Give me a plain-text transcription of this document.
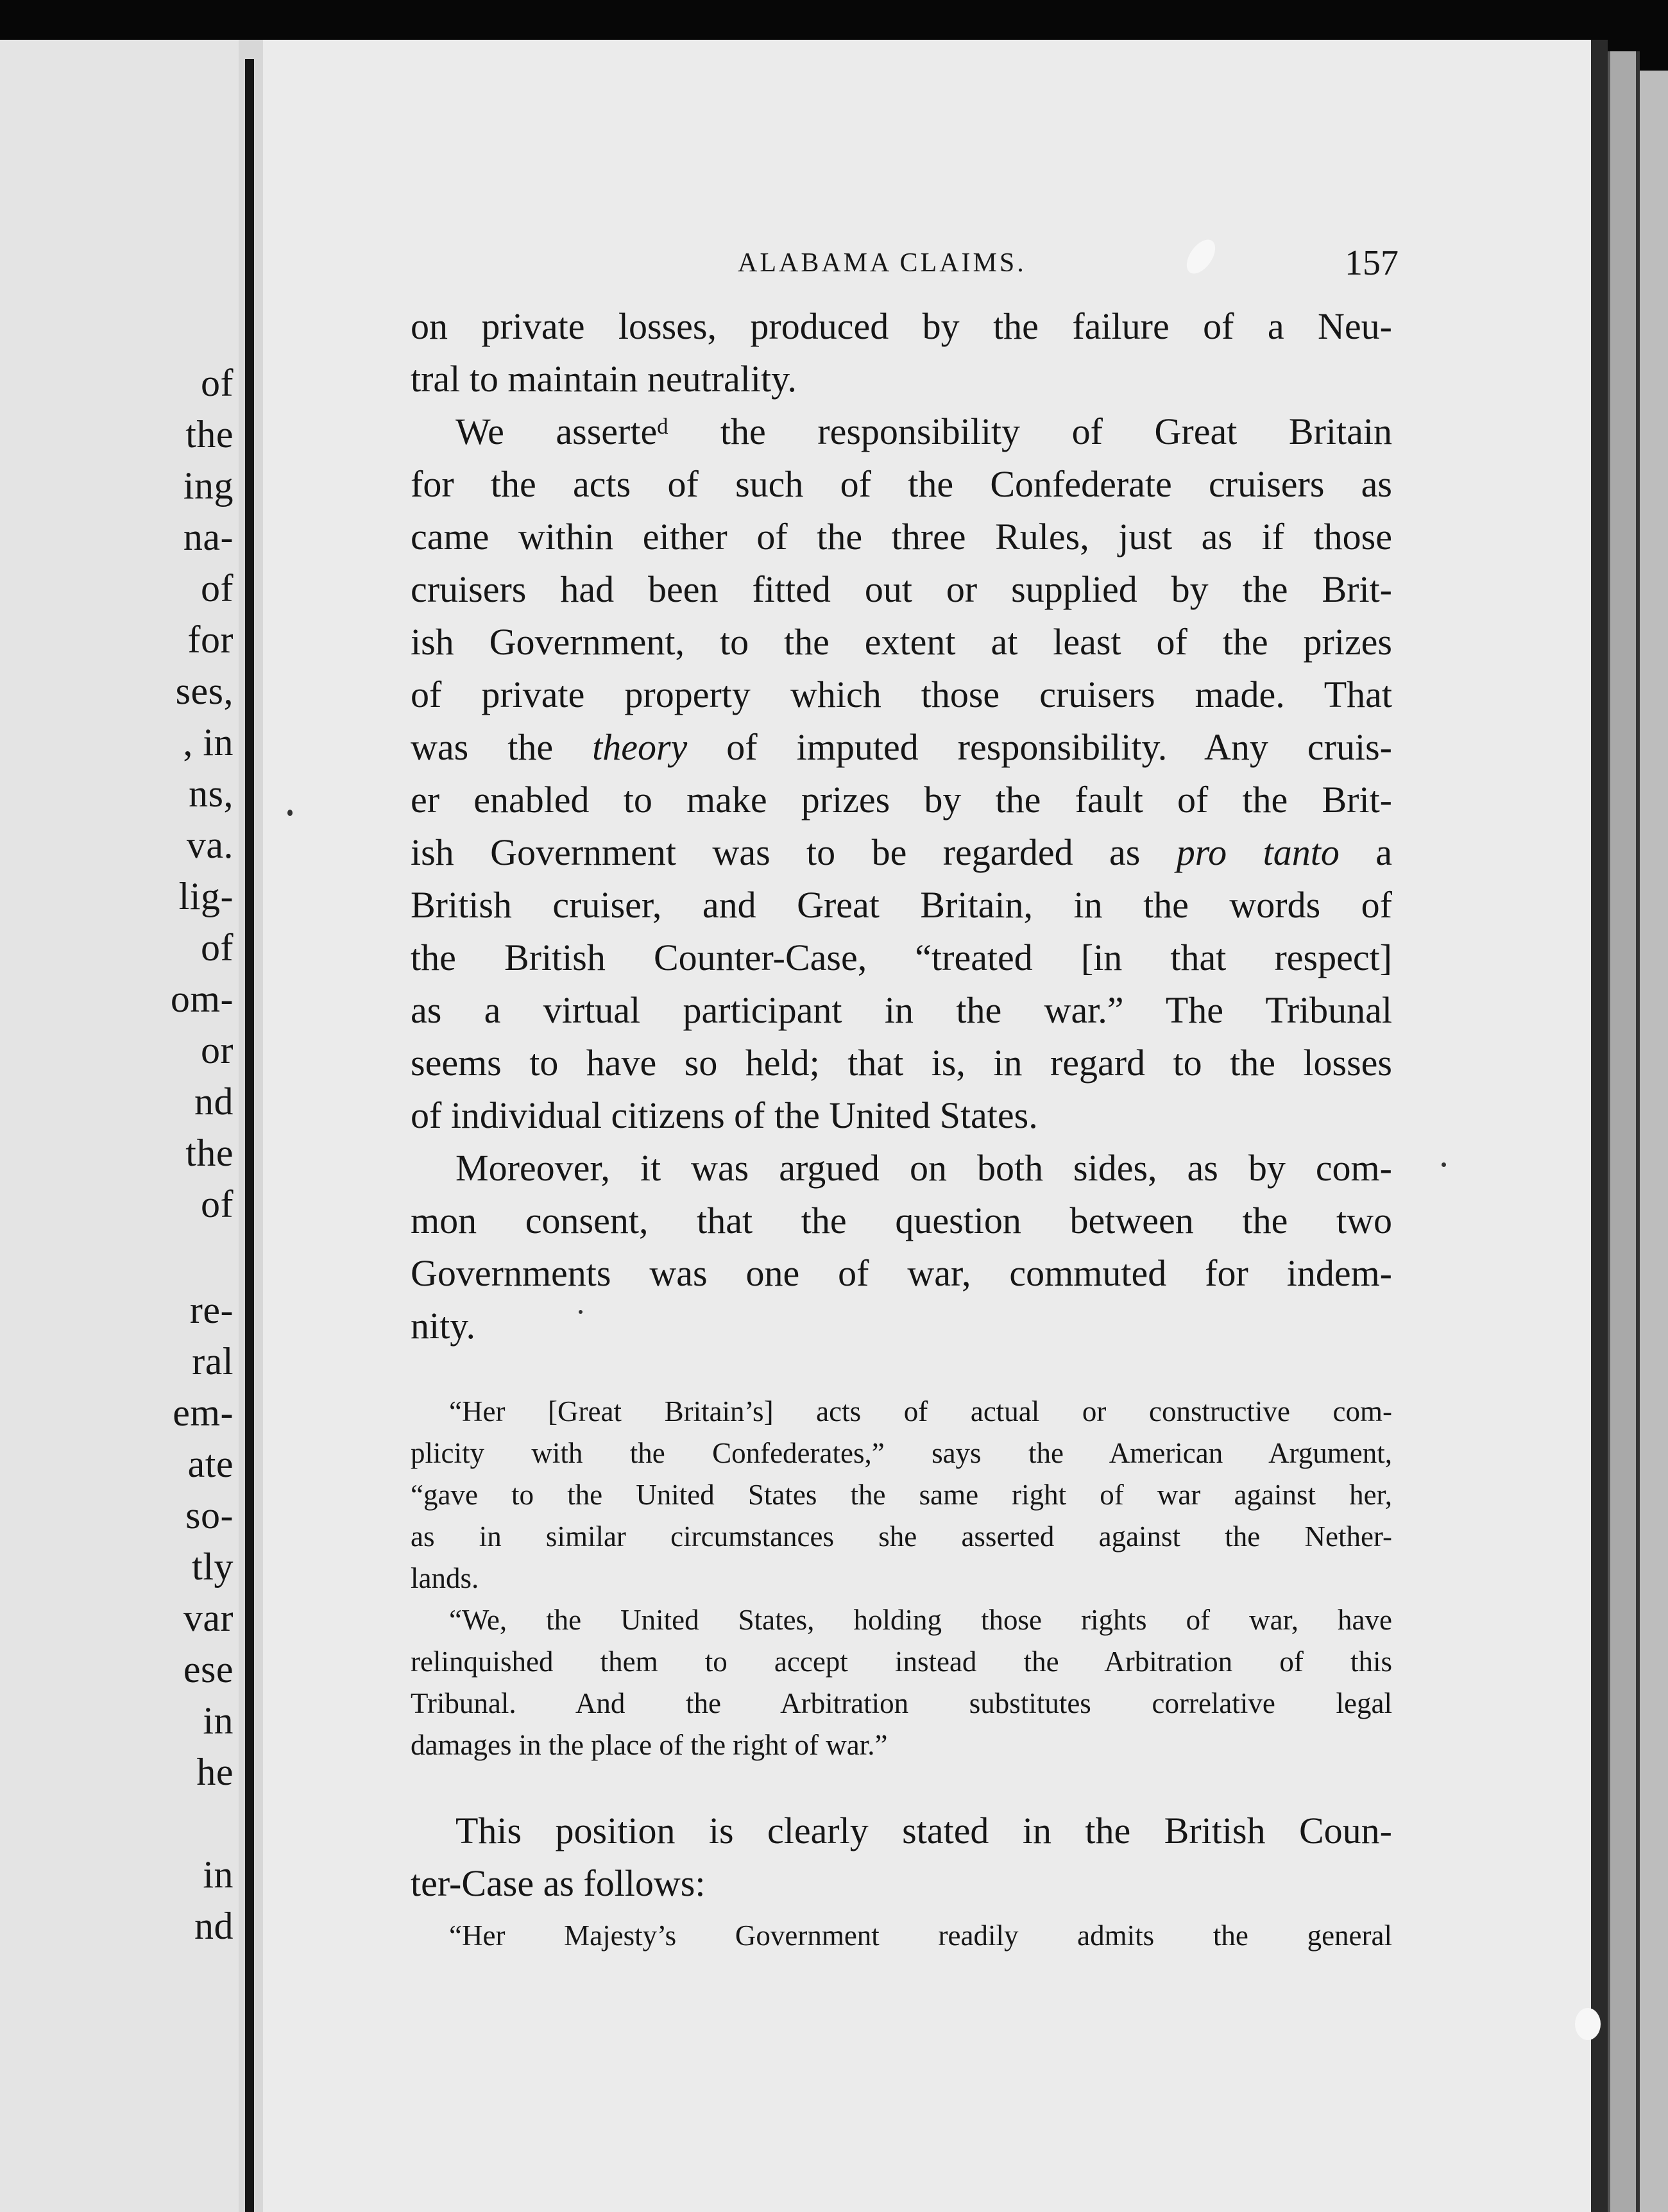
of
the
ing
na-
of
for
ses,
, in
ns,
va.
lig-
of
om-
or
nd
the
of
re-
ral
em-
ate
so-
tly
var
ese
in
he
in
nd
ALABAMA CLAIMS.	157
on private losses, produced by the failure of a Neu-
tral to maintain neutrality.
We asserteᵈ the responsibility of Great Britain
for the acts of such of the Confederate cruisers as
came within either of the three Rules, just as if those
cruisers had been fitted out or supplied by the Brit-
ish Government, to the extent at least of the prizes
of private property which those cruisers made. That
was the theory of imputed responsibility. Any cruis-
er enabled to make prizes by the fault of the Brit-
ish Government was to be regarded as pro tanto a
British cruiser, and Great Britain, in the words of
the British Counter-Case, “treated [in that respect]
as a virtual participant in the war.” The Tribunal
seems to have so held; that is, in regard to the losses
of individual citizens of the United States.
Moreover, it was argued on both sides, as by com-
mon consent, that the question between the two
Governments was one of war, commuted for indem-
nity.
“Her [Great Britain’s] acts of actual or constructive com-
plicity with the Confederates,” says the American Argument,
“gave to the United States the same right of war against her,
as in similar circumstances she asserted against the Nether-
lands.
“We, the United States, holding those rights of war, have
relinquished them to accept instead the Arbitration of this
Tribunal. And the Arbitration substitutes correlative legal
damages in the place of the right of war.”
This position is clearly stated in the British Coun-
ter-Case as follows:
“Her Majesty’s Government readily admits the general
